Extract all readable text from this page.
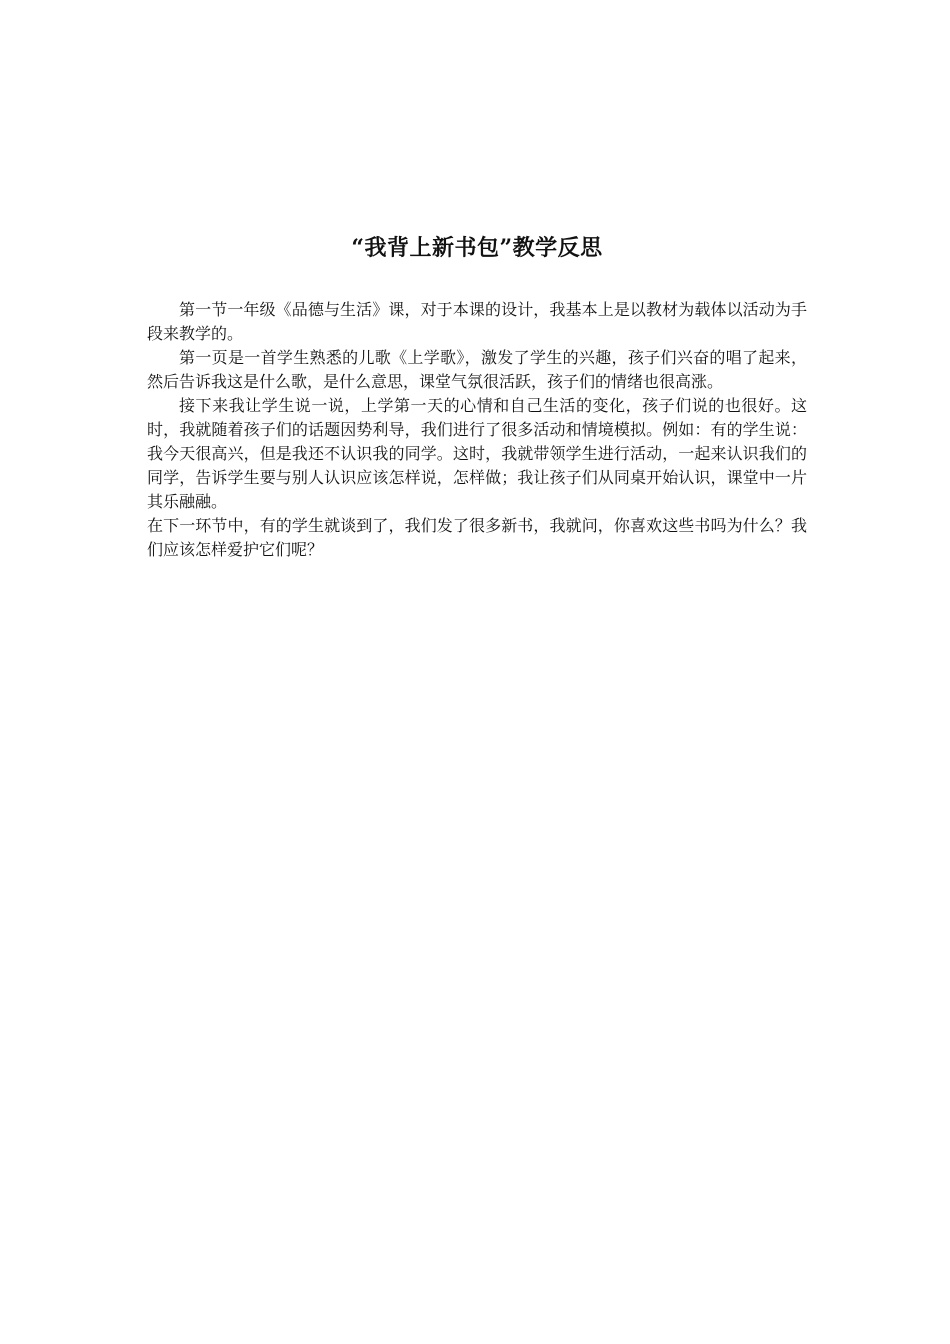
“我背上新书包”教学反思

第一节一年级《品德与生活》课，对于本课的设计，我基本上是以教材为载体以活动为手段来教学的。

第一页是一首学生熟悉的儿歌《上学歌》，激发了学生的兴趣，孩子们兴奋的唱了起来，然后告诉我这是什么歌，是什么意思，课堂气氛很活跃，孩子们的情绪也很高涨。

接下来我让学生说一说，上学第一天的心情和自己生活的变化，孩子们说的也很好。这时，我就随着孩子们的话题因势利导，我们进行了很多活动和情境模拟。例如：有的学生说：我今天很高兴，但是我还不认识我的同学。这时，我就带领学生进行活动，一起来认识我们的同学，告诉学生要与别人认识应该怎样说，怎样做；我让孩子们从同桌开始认识，课堂中一片其乐融融。

在下一环节中，有的学生就谈到了，我们发了很多新书，我就问，你喜欢这些书吗为什么？我们应该怎样爱护它们呢？
